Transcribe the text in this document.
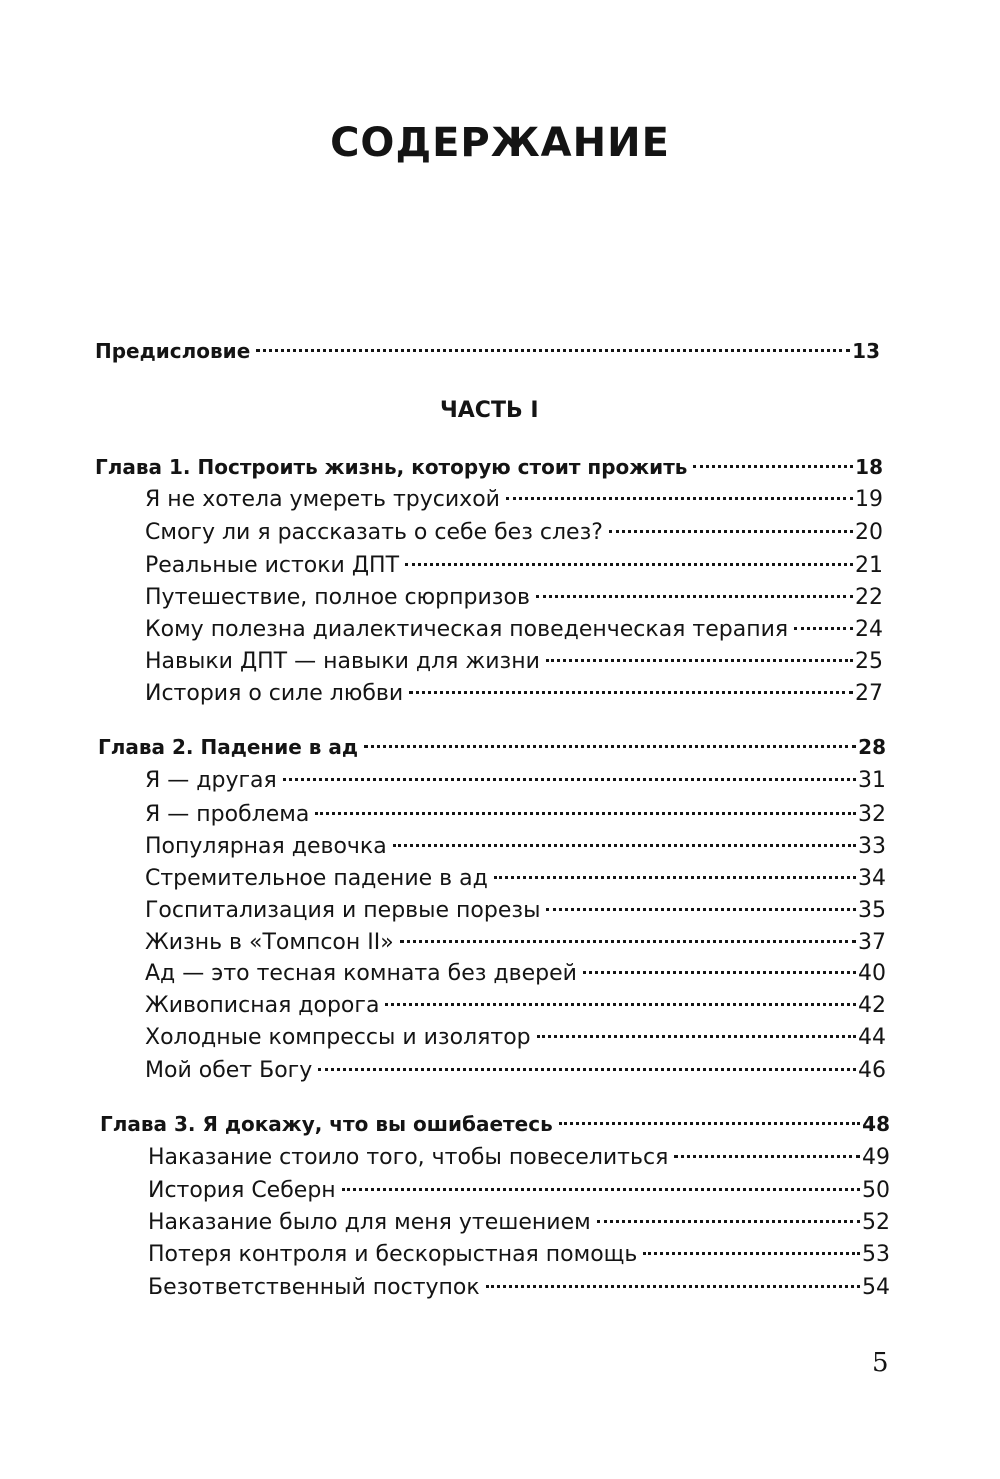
СОДЕРЖАНИЕ
ЧАСТЬ I
Предисловие	13
Глава 1. Построить жизнь, которую стоит прожить	18
Я не хотела умереть трусихой	19
Смогу ли я рассказать о себе без слез?	20
Реальные истоки ДПТ	21
Путешествие, полное сюрпризов	22
Кому полезна диалектическая поведенческая терапия	24
Навыки ДПТ — навыки для жизни	25
История о силе любви	27
Глава 2. Падение в ад	28
Я — другая	31
Я — проблема	32
Популярная девочка	33
Стремительное падение в ад	34
Госпитализация и первые порезы	35
Жизнь в «Томпсон II»	37
Ад — это тесная комната без дверей	40
Живописная дорога	42
Холодные компрессы и изолятор	44
Мой обет Богу	46
Глава 3. Я докажу, что вы ошибаетесь	48
Наказание стоило того, чтобы повеселиться	49
История Себерн	50
Наказание было для меня утешением	52
Потеря контроля и бескорыстная помощь	53
Безответственный поступок	54

5
